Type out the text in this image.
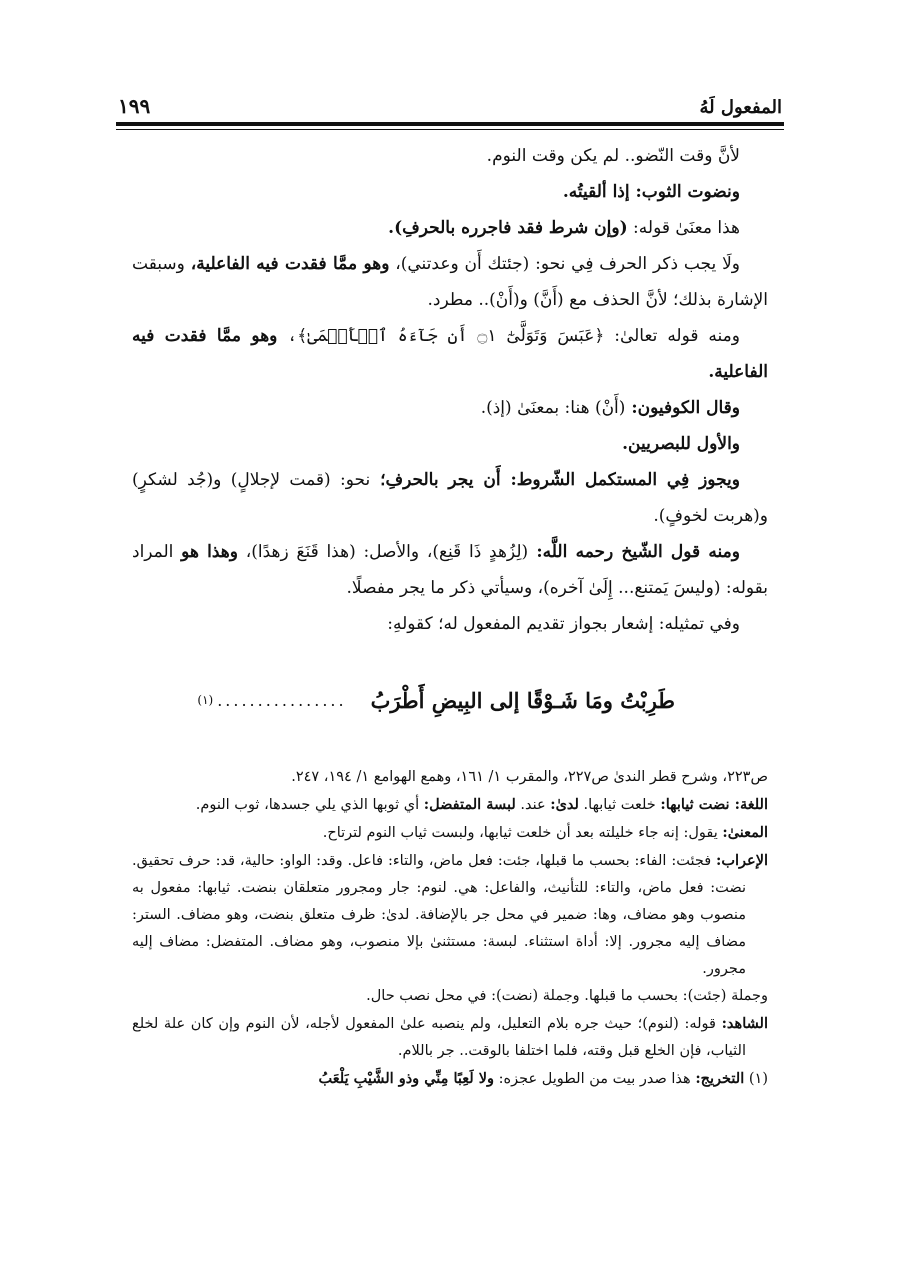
المفعول لَهُ
١٩٩

لأنَّ وقت النّضو.. لم يكن وقت النوم.

ونضوت الثوب: إذا ألقيتُه.

هذا معنَىٰ قوله: (وإن شرط فقد فاجرره بالحرفِ).

ولَا يجب ذكر الحرف فِي نحو: (جئتك أَن وعدتني)، وهو ممَّا فقدت فيه الفاعلية، وسبقت الإشارة بذلك؛ لأنَّ الحذف مع (أَنَّ) و(أَنْ).. مطرد.

ومنه قوله تعالىٰ: ﴿عَبَسَ وَتَوَلَّىٰٓ ۝١ أَن جَآءَهُ ٱلۡأَعۡمَىٰ﴾، وهو ممَّا فقدت فيه الفاعلية.

وقال الكوفيون: (أَنْ) هنا: بمعنَىٰ (إذ).

والأول للبصريين.

ويجوز فِي المستكمل الشّروط: أَن يجر بالحرفِ؛ نحو: (قمت لإجلالٍ) و(جُد لشكرٍ) و(هربت لخوفٍ).

ومنه قول الشّيخ رحمه اللَّه: (لِزُهدٍ ذَا قَنِع)، والأصل: (هذا قَنَعَ زهدًا)، وهذا هو المراد بقوله: (وليسَ يَمتنع... إِلَىٰ آخره)، وسيأتي ذكر ما يجر مفصلًا.

وفي تمثيله: إشعار بجواز تقديم المفعول له؛ كقولهِ:

طَرِبْتُ ومَا شَـوْقًا إلى البِيضِ أَطْرَبُ
................
(١)

ص٢٢٣، وشرح قطر الندىٰ ص٢٢٧، والمقرب ١/ ١٦١، وهمع الهوامع ١/ ١٩٤، ٢٤٧.

اللغة: نضت ثيابها: خلعت ثيابها. لدىٰ: عند. لبسة المتفضل: أي ثوبها الذي يلي جسدها، ثوب النوم.

المعنىٰ: يقول: إنه جاء خليلته بعد أن خلعت ثيابها، ولبست ثياب النوم لترتاح.

الإعراب: فجئت: الفاء: بحسب ما قبلها، جئت: فعل ماض، والتاء: فاعل. وقد: الواو: حالية، قد: حرف تحقيق. نضت: فعل ماض، والتاء: للتأنيث، والفاعل: هي. لنوم: جار ومجرور متعلقان بنضت. ثيابها: مفعول به منصوب وهو مضاف، وها: ضمير في محل جر بالإضافة. لدىٰ: ظرف متعلق بنضت، وهو مضاف. الستر: مضاف إليه مجرور. إلا: أداة استثناء. لبسة: مستثنىٰ بإلا منصوب، وهو مضاف. المتفضل: مضاف إليه مجرور.

وجملة (جئت): بحسب ما قبلها. وجملة (نضت): في محل نصب حال.

الشاهد: قوله: (لنوم)؛ حيث جره بلام التعليل، ولم ينصبه علىٰ المفعول لأجله، لأن النوم وإن كان علة لخلع الثياب، فإن الخلع قبل وقته، فلما اختلفا بالوقت.. جر باللام.

(١) التخريج: هذا صدر بيت من الطويل عجزه: ولا لَعِبًا مِنِّي وذو الشَّيْبِ يَلْعَبُ
